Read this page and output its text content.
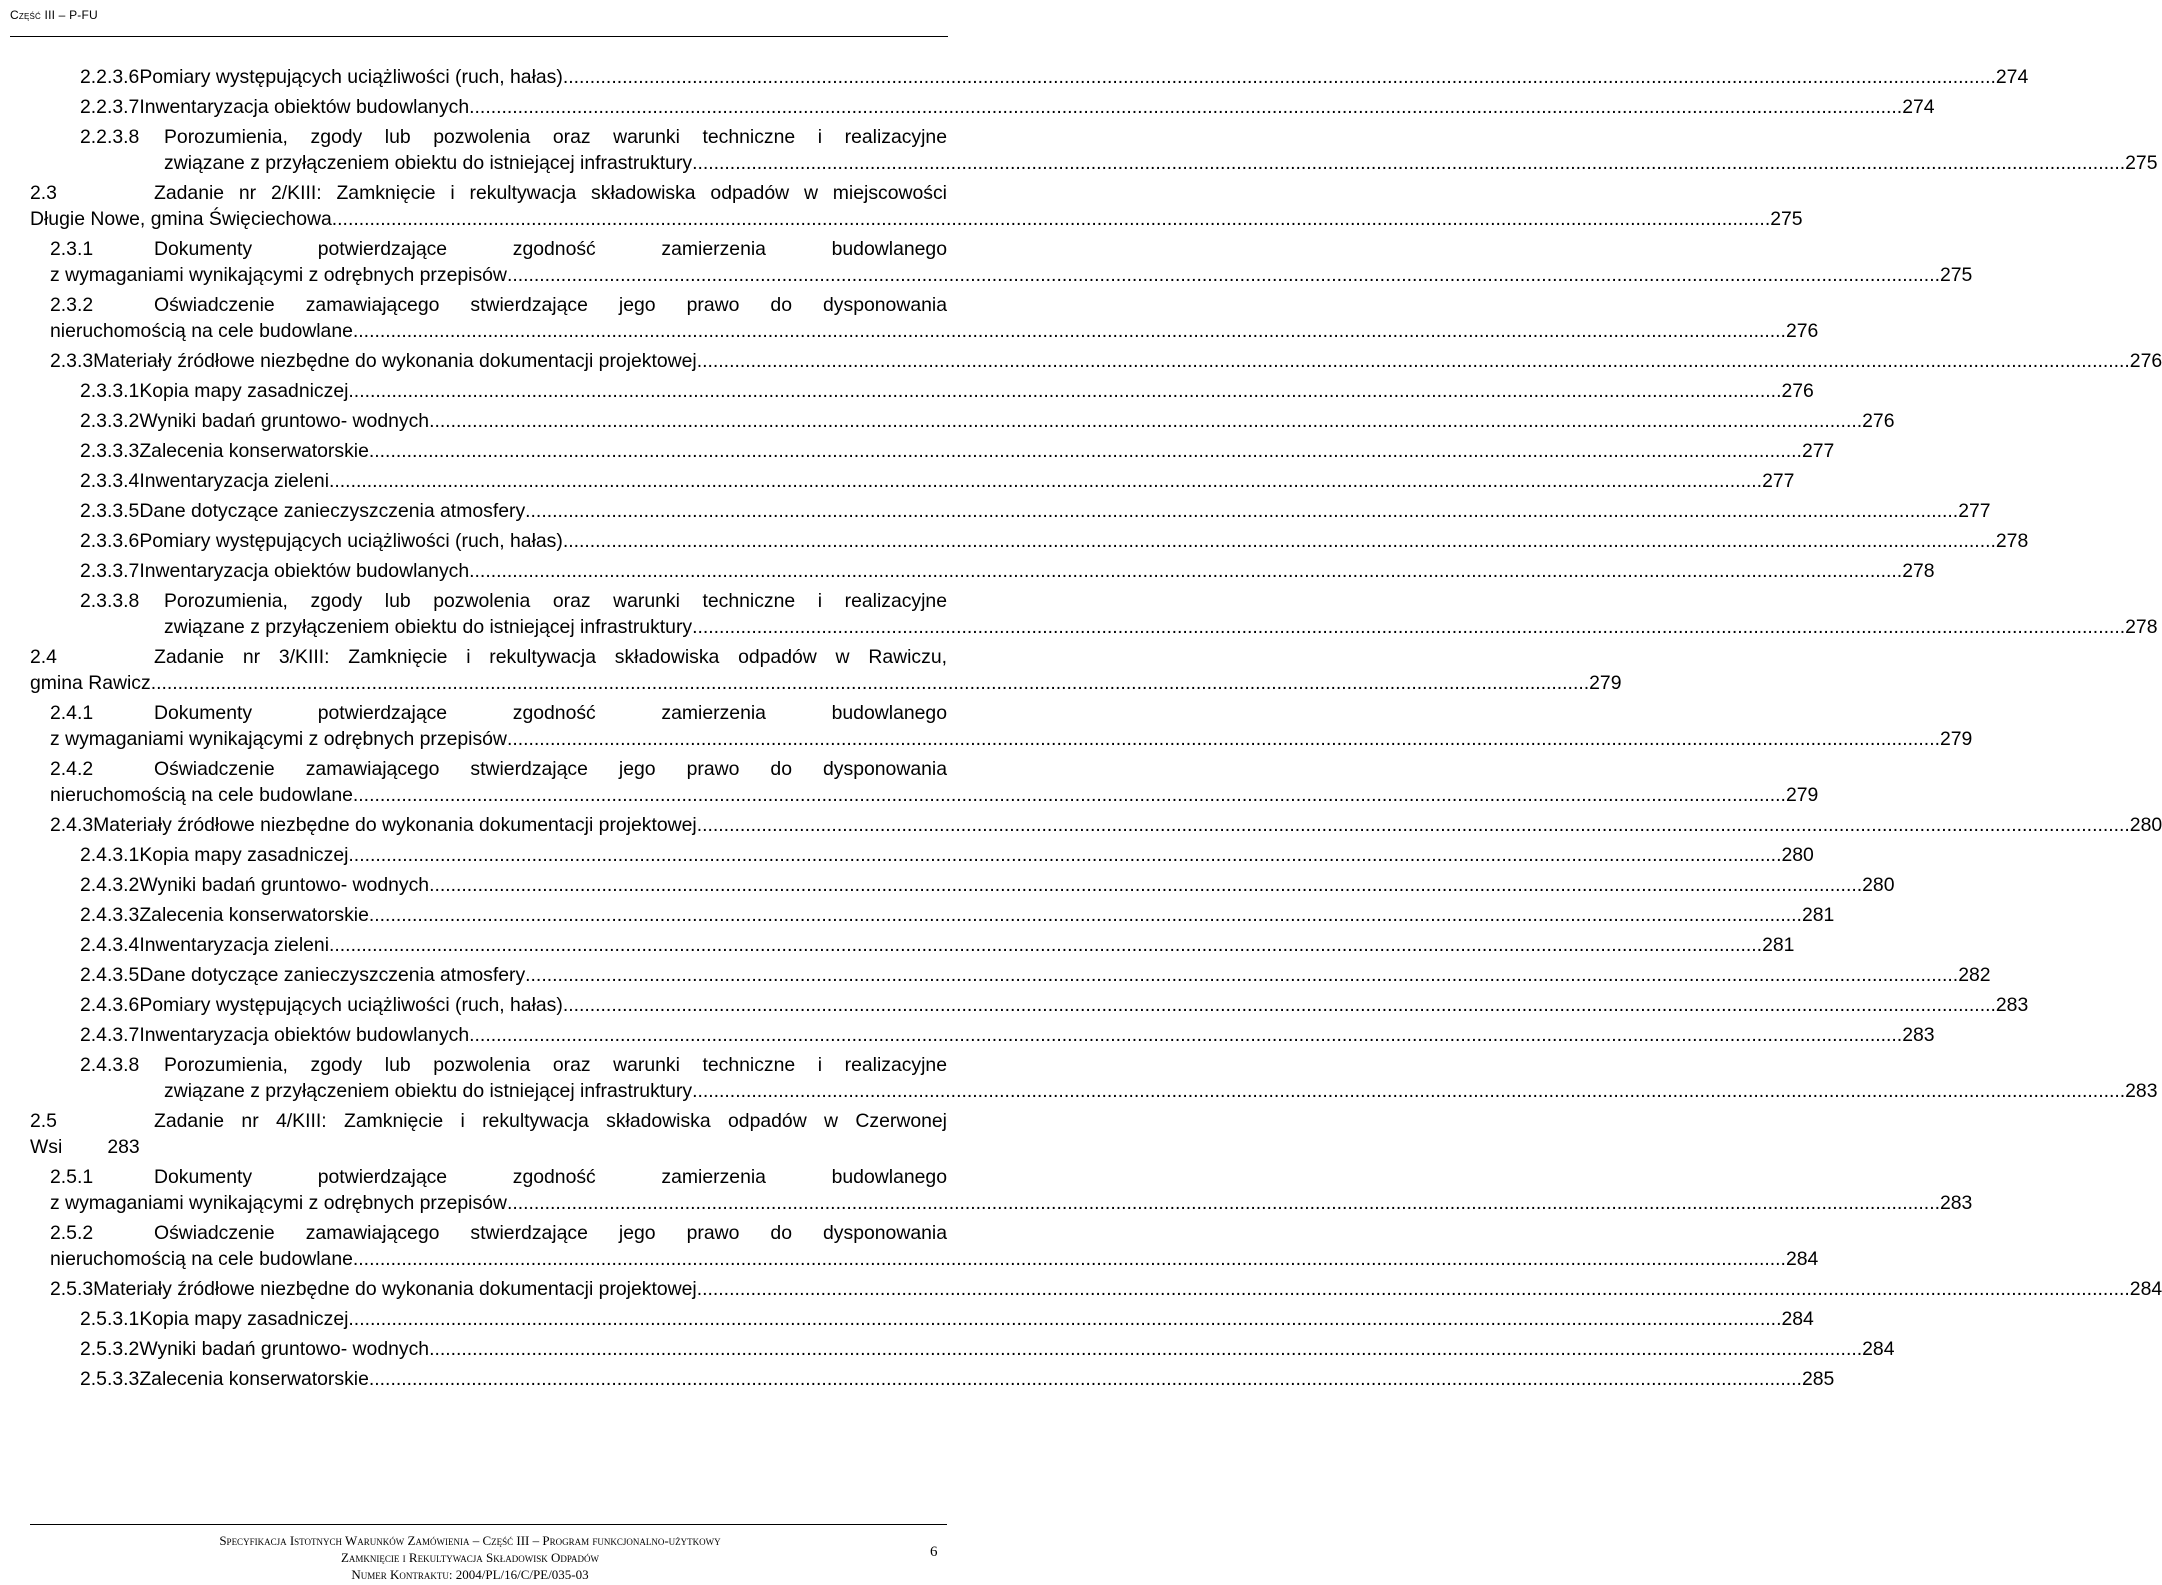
Część III – P-FU
2.2.3.6 Pomiary występujących uciążliwości (ruch, hałas) .....	274
2.2.3.7 Inwentaryzacja obiektów budowlanych .....	274
2.2.3.8	Porozumienia, zgody lub pozwolenia oraz warunki techniczne i realizacyjne
związane z przyłączeniem obiektu do istniejącej infrastruktury .....	275
2.3	Zadanie nr 2/KIII: Zamknięcie i rekultywacja składowiska odpadów w miejscowości
Długie Nowe, gmina Święciechowa. .....	275
2.3.1	Dokumenty potwierdzające zgodność zamierzenia budowlanego
z wymaganiami wynikającymi z odrębnych przepisów .....	275
2.3.2	Oświadczenie zamawiającego stwierdzające jego prawo do dysponowania
nieruchomością na cele budowlane .....	276
2.3.3 Materiały źródłowe niezbędne do wykonania dokumentacji projektowej .....	276
2.3.3.1 Kopia mapy zasadniczej .....	276
2.3.3.2 Wyniki badań gruntowo- wodnych .....	276
2.3.3.3 Zalecenia konserwatorskie .....	277
2.3.3.4 Inwentaryzacja zieleni .....	277
2.3.3.5 Dane dotyczące zanieczyszczenia atmosfery .....	277
2.3.3.6 Pomiary występujących uciążliwości (ruch, hałas) .....	278
2.3.3.7 Inwentaryzacja obiektów budowlanych .....	278
2.3.3.8	Porozumienia, zgody lub pozwolenia oraz warunki techniczne i realizacyjne
związane z przyłączeniem obiektu do istniejącej infrastruktury .....	278
2.4	Zadanie nr 3/KIII: Zamknięcie i rekultywacja składowiska odpadów w Rawiczu,
gmina Rawicz. .....	279
2.4.1	Dokumenty potwierdzające zgodność zamierzenia budowlanego
z wymaganiami wynikającymi z odrębnych przepisów .....	279
2.4.2	Oświadczenie zamawiającego stwierdzające jego prawo do dysponowania
nieruchomością na cele budowlane .....	279
2.4.3 Materiały źródłowe niezbędne do wykonania dokumentacji projektowej .....	280
2.4.3.1 Kopia mapy zasadniczej .....	280
2.4.3.2 Wyniki badań gruntowo- wodnych .....	280
2.4.3.3 Zalecenia konserwatorskie .....	281
2.4.3.4 Inwentaryzacja zieleni .....	281
2.4.3.5 Dane dotyczące zanieczyszczenia atmosfery .....	282
2.4.3.6 Pomiary występujących uciążliwości (ruch, hałas) .....	283
2.4.3.7 Inwentaryzacja obiektów budowlanych .....	283
2.4.3.8	Porozumienia, zgody lub pozwolenia oraz warunki techniczne i realizacyjne
związane z przyłączeniem obiektu do istniejącej infrastruktury .....	283
2.5	Zadanie nr 4/KIII: Zamknięcie i rekultywacja składowiska odpadów w Czerwonej
Wsi 283
2.5.1	Dokumenty potwierdzające zgodność zamierzenia budowlanego
z wymaganiami wynikającymi z odrębnych przepisów .....	283
2.5.2	Oświadczenie zamawiającego stwierdzające jego prawo do dysponowania
nieruchomością na cele budowlane .....	284
2.5.3 Materiały źródłowe niezbędne do wykonania dokumentacji projektowej .....	284
2.5.3.1 Kopia mapy zasadniczej .....	284
2.5.3.2 Wyniki badań gruntowo- wodnych .....	284
2.5.3.3 Zalecenia konserwatorskie .....	285
Specyfikacja Istotnych Warunków Zamówienia – Część III – Program funkcjonalno-użytkowy
Zamknięcie i Rekultywacja Składowisk Odpadów
Numer Kontraktu: 2004/PL/16/C/PE/035-03
6
